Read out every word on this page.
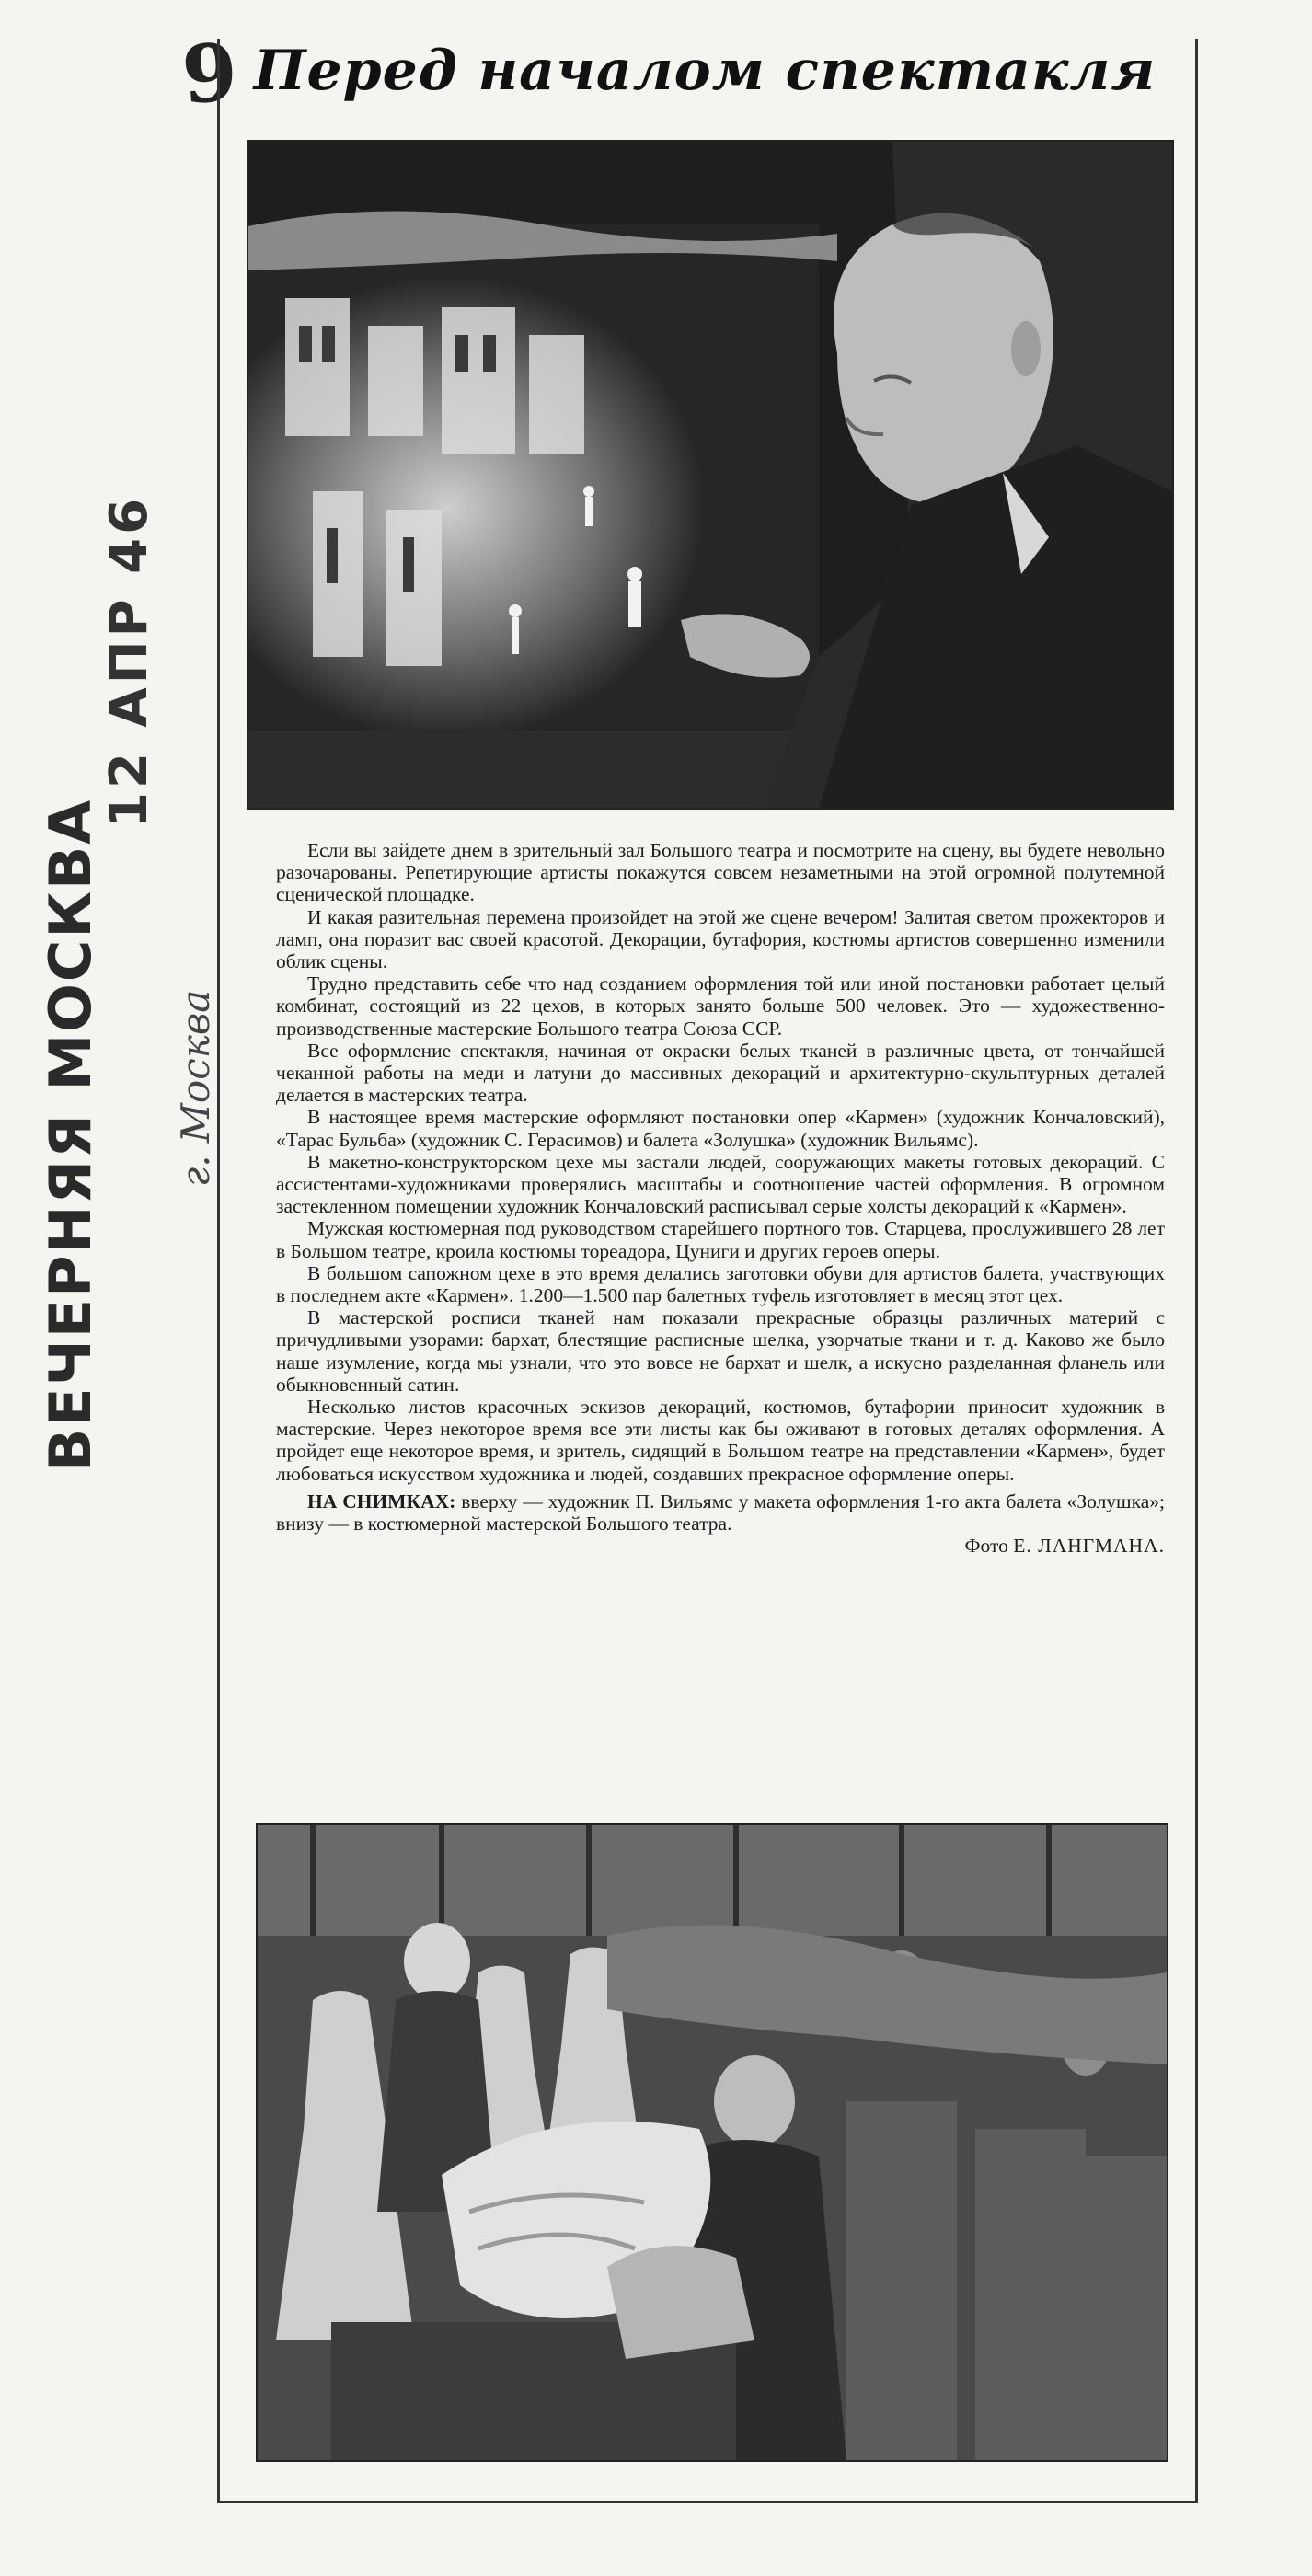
9
ВЕЧЕРНЯЯ МОСКВА
12 АПР 46
г. Москва
Перед началом спектакля

Если вы зайдете днем в зрительный зал Большого театра и посмотрите на сцену, вы будете невольно разочарованы. Репетирующие артисты покажутся совсем незаметными на этой огромной полутемной сценической площадке.

И какая разительная перемена произойдет на этой же сцене вечером! Залитая светом прожекторов и ламп, она поразит вас своей красотой. Декорации, бутафория, костюмы артистов совершенно изменили облик сцены.

Трудно представить себе что над созданием оформления той или иной постановки работает целый комбинат, состоящий из 22 цехов, в которых занято больше 500 человек. Это — художественно-производственные мастерские Большого театра Союза ССР.

Все оформление спектакля, начиная от окраски белых тканей в различные цвета, от тончайшей чеканной работы на меди и латуни до массивных декораций и архитектурно-скульптурных деталей делается в мастерских театра.

В настоящее время мастерские оформляют постановки опер «Кармен» (художник Кончаловский), «Тарас Бульба» (художник С. Герасимов) и балета «Золушка» (художник Вильямс).

В макетно-конструкторском цехе мы застали людей, сооружающих макеты готовых декораций. С ассистентами-художниками проверялись масштабы и соотношение частей оформления. В огромном застекленном помещении художник Кончаловский расписывал серые холсты декораций к «Кармен».

Мужская костюмерная под руководством старейшего портного тов. Старцева, прослужившего 28 лет в Большом театре, кроила костюмы тореадора, Цуниги и других героев оперы.

В большом сапожном цехе в это время делались заготовки обуви для артистов балета, участвующих в последнем акте «Кармен». 1.200—1.500 пар балетных туфель изготовляет в месяц этот цех.

В мастерской росписи тканей нам показали прекрасные образцы различных материй с причудливыми узорами: бархат, блестящие расписные шелка, узорчатые ткани и т. д. Каково же было наше изумление, когда мы узнали, что это вовсе не бархат и шелк, а искусно разделанная фланель или обыкновенный сатин.

Несколько листов красочных эскизов декораций, костюмов, бутафории приносит художник в мастерские. Через некоторое время все эти листы как бы оживают в готовых деталях оформления. А пройдет еще некоторое время, и зритель, сидящий в Большом театре на представлении «Кармен», будет любоваться искусством художника и людей, создавших прекрасное оформление оперы.

НА СНИМКАХ: вверху — художник П. Вильямс у макета оформления 1-го акта балета «Золушка»; внизу — в костюмерной мастерской Большого театра.

Фото Е. ЛАНГМАНА.
